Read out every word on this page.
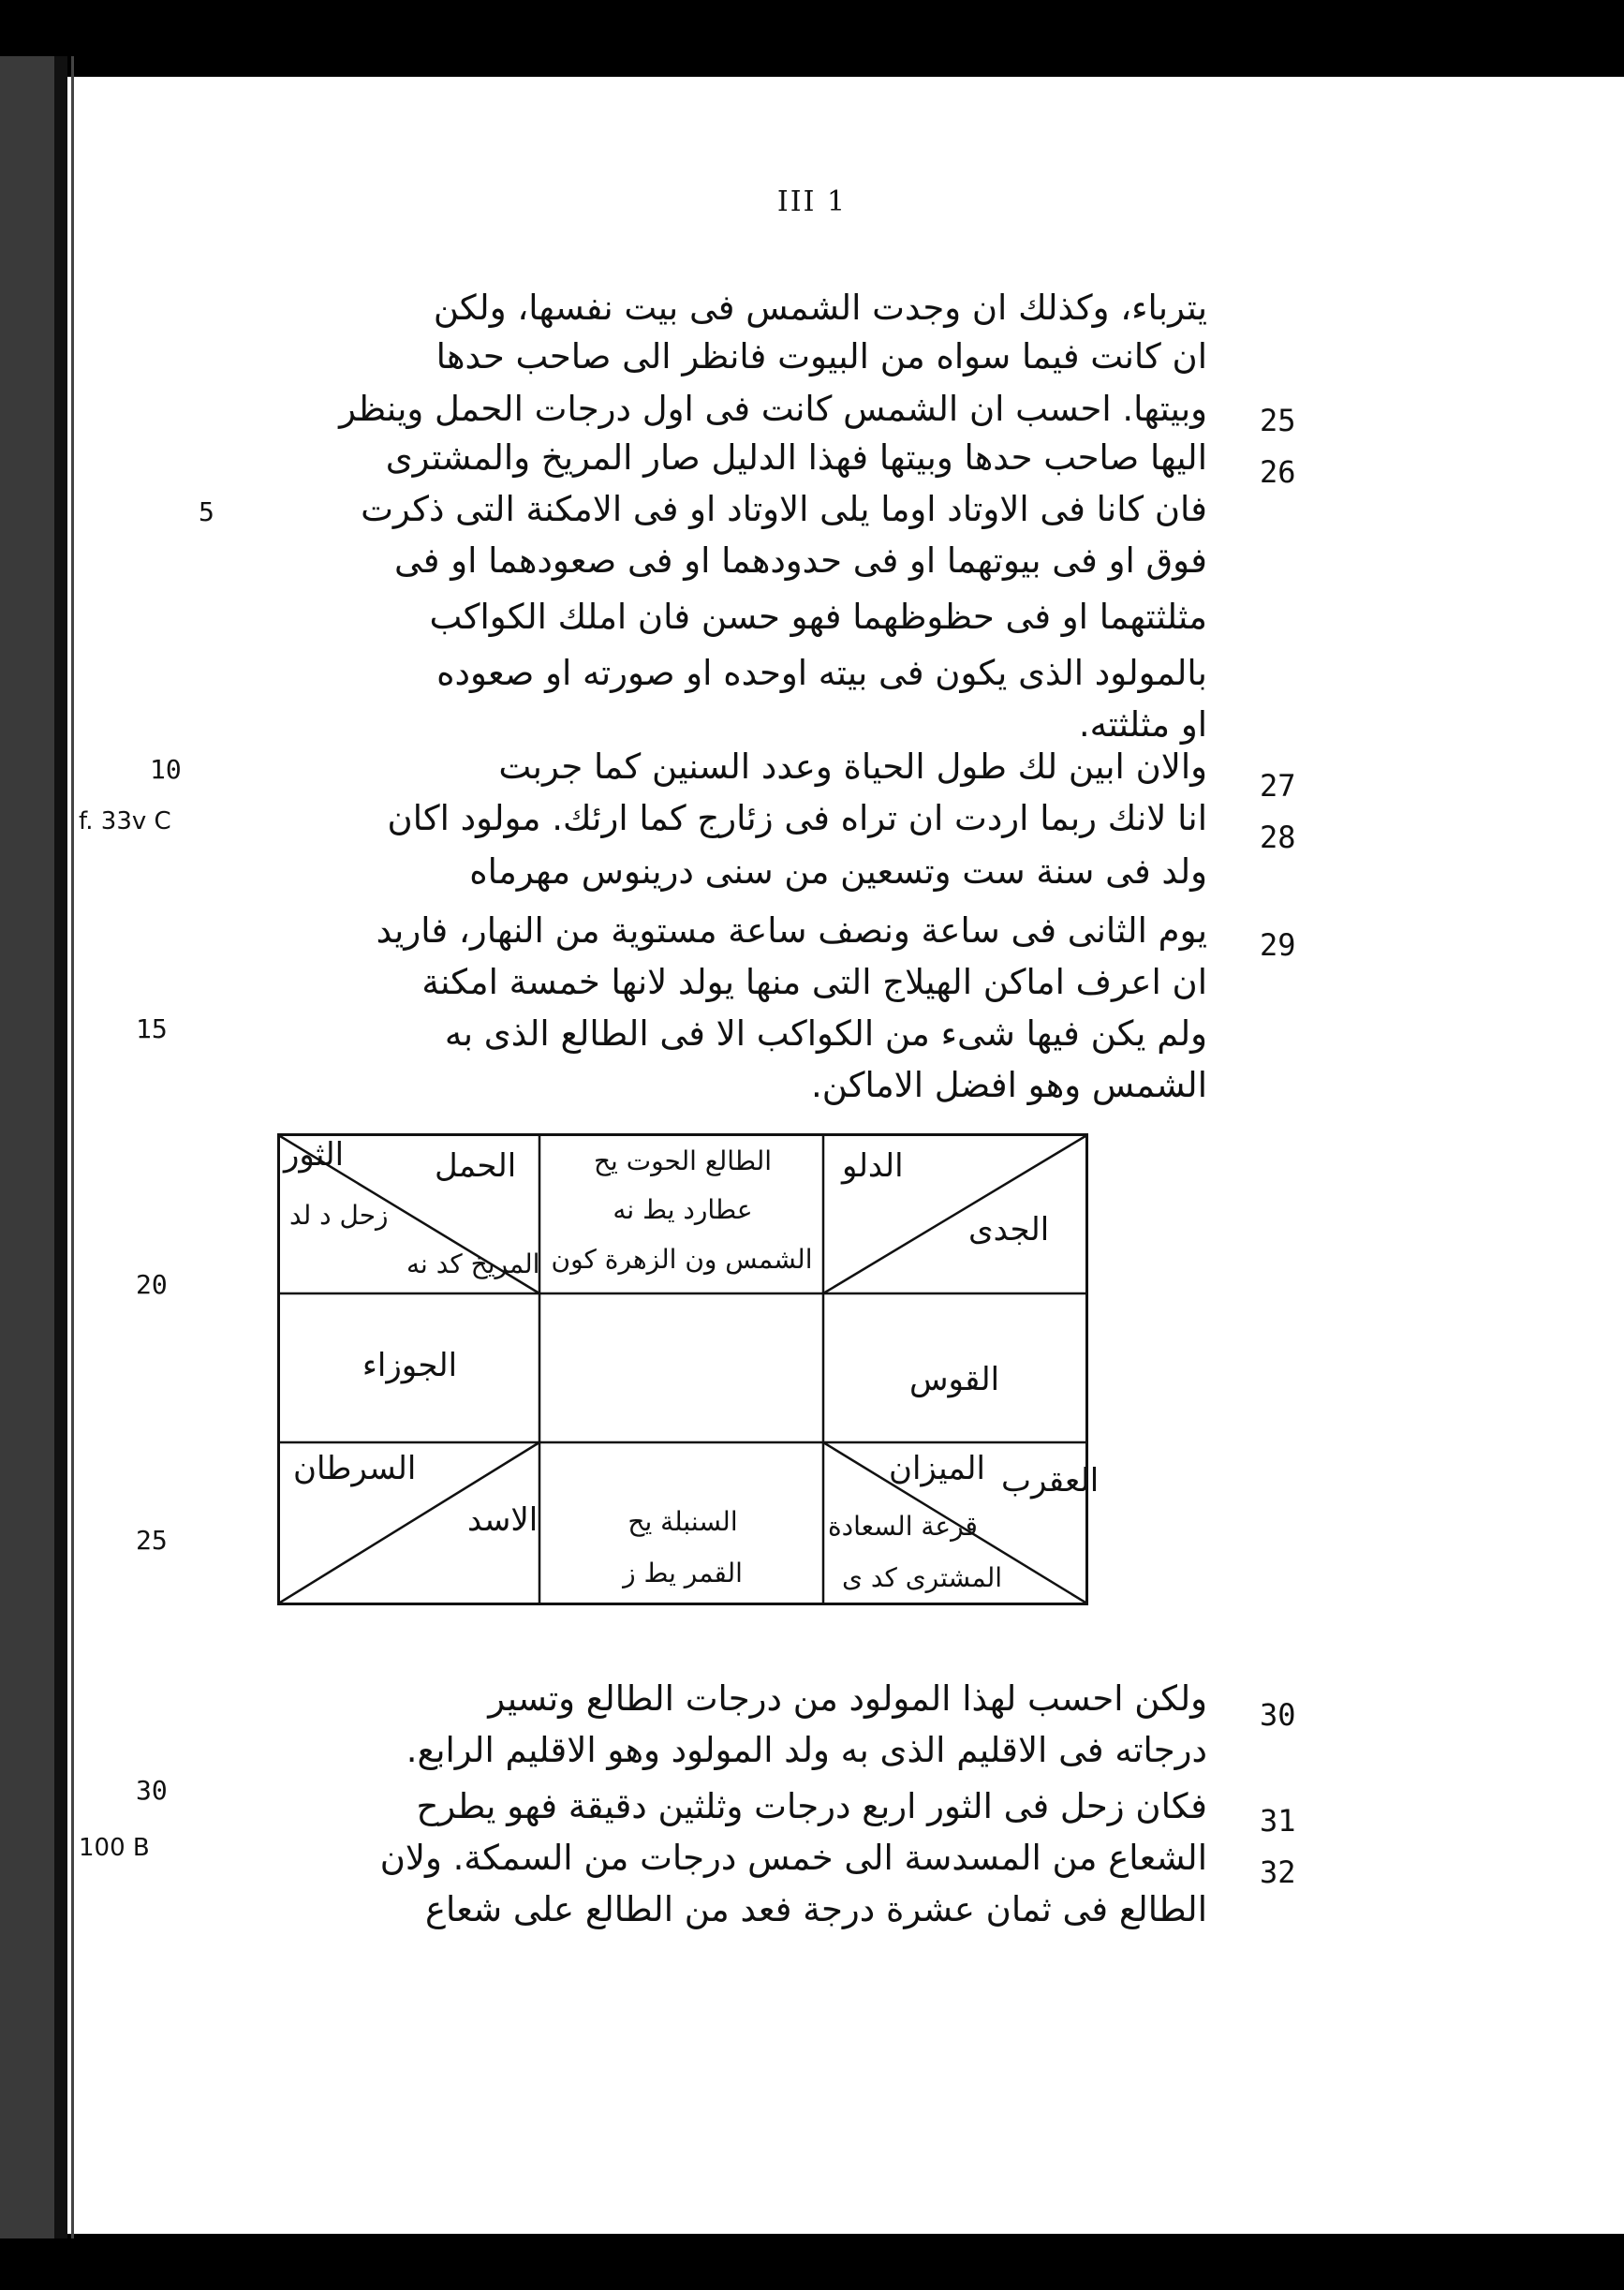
III 1
يترباء، وكذلك ان وجدت الشمس فى بيت نفسها، ولكن
ان كانت فيما سواه من البيوت فانظر الى صاحب حدها
وبيتها. احسب ان الشمس كانت فى اول درجات الحمل وينظر
اليها صاحب حدها وبيتها فهذا الدليل صار المريخ والمشترى
فان كانا فى الاوتاد اوما يلى الاوتاد او فى الامكنة التى ذكرت
فوق او فى بيوتهما او فى حدودهما او فى صعودهما او فى
مثلثتهما او فى حظوظهما فهو حسن فان املك الكواكب
بالمولود الذى يكون فى بيته اوحده او صورته او صعوده
او مثلثته.
والان ابين لك طول الحياة وعدد السنين كما جربت
انا لانك ربما اردت ان تراه فى زئارج كما ارئك. مولود اكان
ولد فى سنة ست وتسعين من سنى درينوس مهرماه
يوم الثانى فى ساعة ونصف ساعة مستوية من النهار، فاريد
ان اعرف اماكن الهيلاج التى منها يولد لانها خمسة امكنة
ولم يكن فيها شىء من الكواكب الا فى الطالع الذى به
الشمس وهو افضل الاماكن.
ولكن احسب لهذا المولود من درجات الطالع وتسير
درجاته فى الاقليم الذى به ولد المولود وهو الاقليم الرابع.
فكان زحل فى الثور اربع درجات وثلثين دقيقة فهو يطرح
الشعاع من المسدسة الى خمس درجات من السمكة. ولان
الطالع فى ثمان عشرة درجة فعد من الطالع على شعاع
25
26
27
28
29
30
31
32
5
10
15
20
25
30
f. 33v C
100 B
الحمل
الثور
زحل د لد
المريخ كد نه
الطالع الحوت يح
عطارد يط نه
الشمس ون الزهرة كون
الدلو
الجدى
الجوزاء	القوس
السرطان
الاسد	السنبلة يح
القمر يط ز
العقرب
الميزان
قرعة السعادة
المشترى كد ى
